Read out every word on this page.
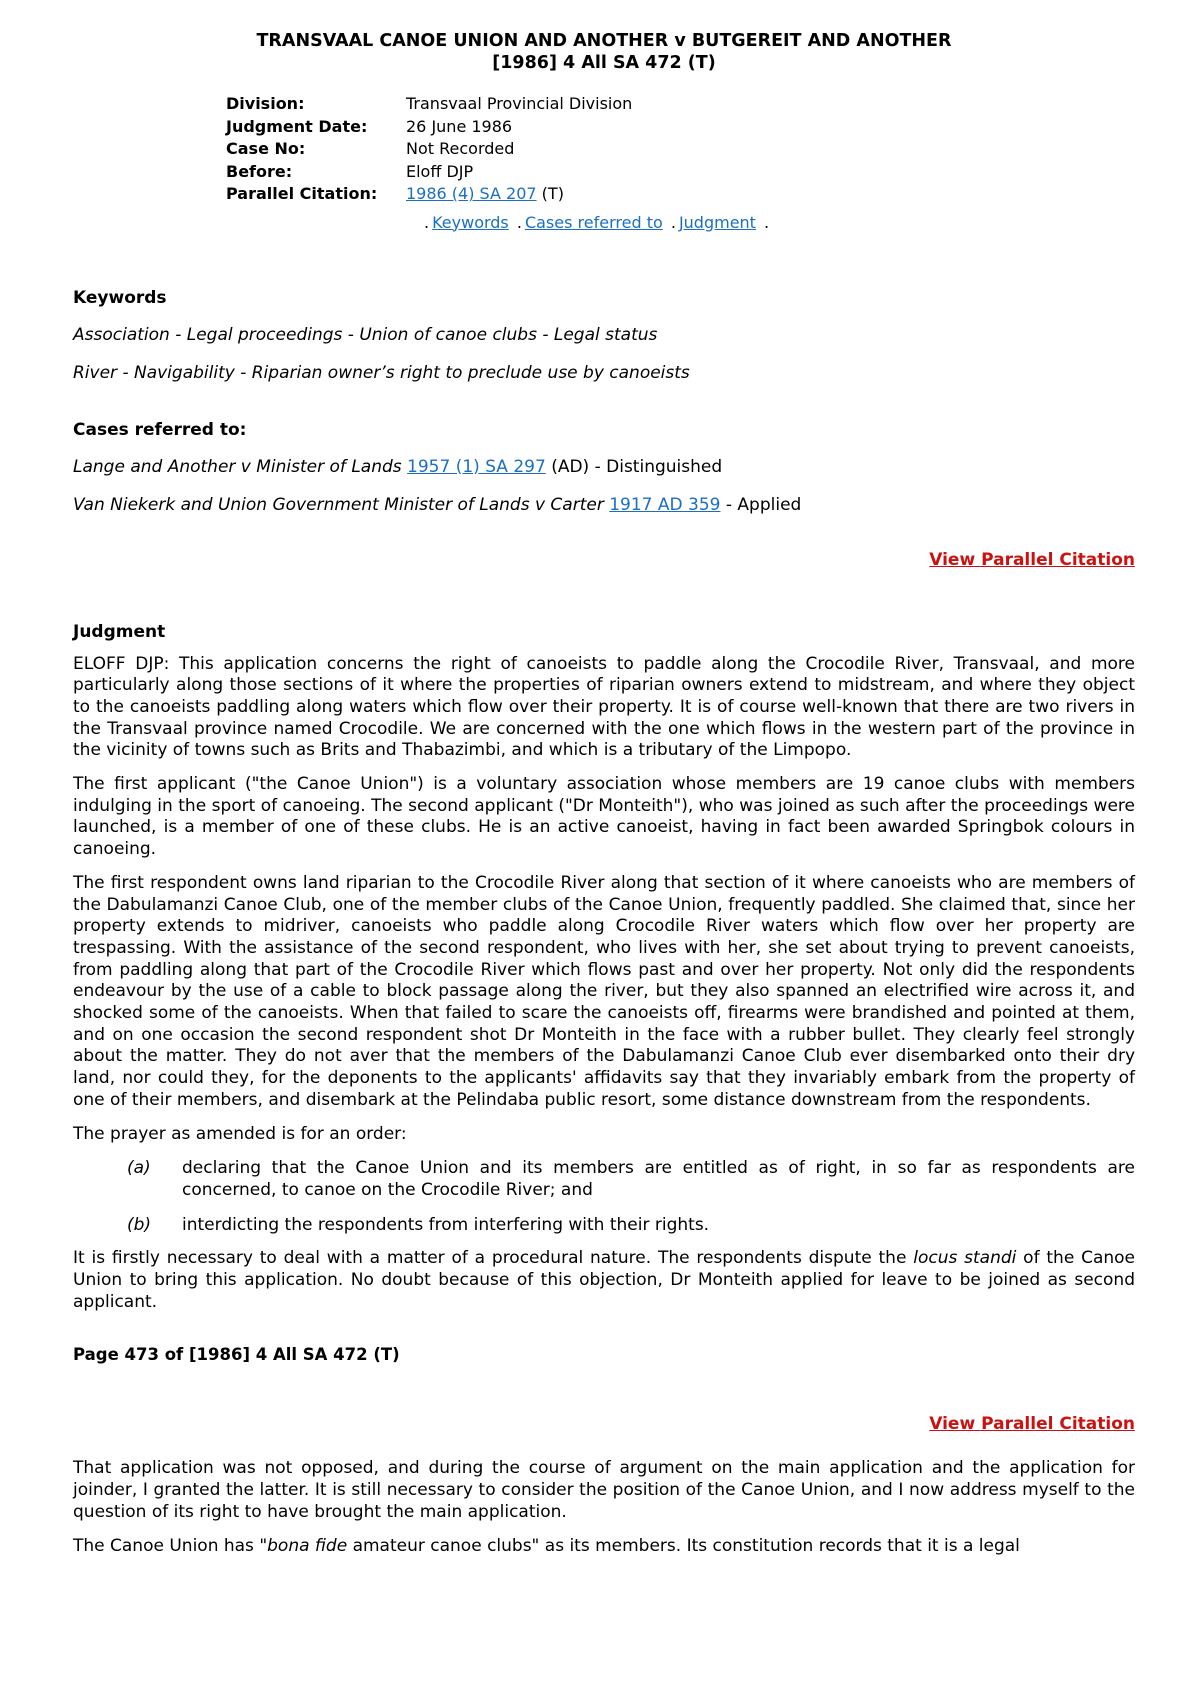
TRANSVAAL CANOE UNION AND ANOTHER v BUTGEREIT AND ANOTHER
[1986] 4 All SA 472 (T)
Division:	Transvaal Provincial Division
Judgment Date:	26 June 1986
Case No:	Not Recorded
Before:	Eloff DJP
Parallel Citation:	1986 (4) SA 207 (T)
. Keywords . Cases referred to . Judgment .
Keywords

Association - Legal proceedings - Union of canoe clubs - Legal status

River - Navigability - Riparian owner’s right to preclude use by canoeists

Cases referred to:

Lange and Another v Minister of Lands 1957 (1) SA 297 (AD) - Distinguished

Van Niekerk and Union Government Minister of Lands v Carter 1917 AD 359 - Applied

View Parallel Citation
Judgment

ELOFF DJP: This application concerns the right of canoeists to paddle along the Crocodile River, Transvaal, and more particularly along those sections of it where the properties of riparian owners extend to midstream, and where they object to the canoeists paddling along waters which flow over their property. It is of course well-known that there are two rivers in the Transvaal province named Crocodile. We are concerned with the one which flows in the western part of the province in the vicinity of towns such as Brits and Thabazimbi, and which is a tributary of the Limpopo.

The first applicant ("the Canoe Union") is a voluntary association whose members are 19 canoe clubs with members indulging in the sport of canoeing. The second applicant ("Dr Monteith"), who was joined as such after the proceedings were launched, is a member of one of these clubs. He is an active canoeist, having in fact been awarded Springbok colours in canoeing.

The first respondent owns land riparian to the Crocodile River along that section of it where canoeists who are members of the Dabulamanzi Canoe Club, one of the member clubs of the Canoe Union, frequently paddled. She claimed that, since her property extends to midriver, canoeists who paddle along Crocodile River waters which flow over her property are trespassing. With the assistance of the second respondent, who lives with her, she set about trying to prevent canoeists, from paddling along that part of the Crocodile River which flows past and over her property. Not only did the respondents endeavour by the use of a cable to block passage along the river, but they also spanned an electrified wire across it, and shocked some of the canoeists. When that failed to scare the canoeists off, firearms were brandished and pointed at them, and on one occasion the second respondent shot Dr Monteith in the face with a rubber bullet. They clearly feel strongly about the matter. They do not aver that the members of the Dabulamanzi Canoe Club ever disembarked onto their dry land, nor could they, for the deponents to the applicants' affidavits say that they invariably embark from the property of one of their members, and disembark at the Pelindaba public resort, some distance downstream from the respondents.

The prayer as amended is for an order:

(a)	declaring that the Canoe Union and its members are entitled as of right, in so far as respondents are concerned, to canoe on the Crocodile River; and
(b)	interdicting the respondents from interfering with their rights.

It is firstly necessary to deal with a matter of a procedural nature. The respondents dispute the locus standi of the Canoe Union to bring this application. No doubt because of this objection, Dr Monteith applied for leave to be joined as second applicant.

Page 473 of [1986] 4 All SA 472 (T)
View Parallel Citation

That application was not opposed, and during the course of argument on the main application and the application for joinder, I granted the latter. It is still necessary to consider the position of the Canoe Union, and I now address myself to the question of its right to have brought the main application.

The Canoe Union has "bona fide amateur canoe clubs" as its members. Its constitution records that it is a legal
